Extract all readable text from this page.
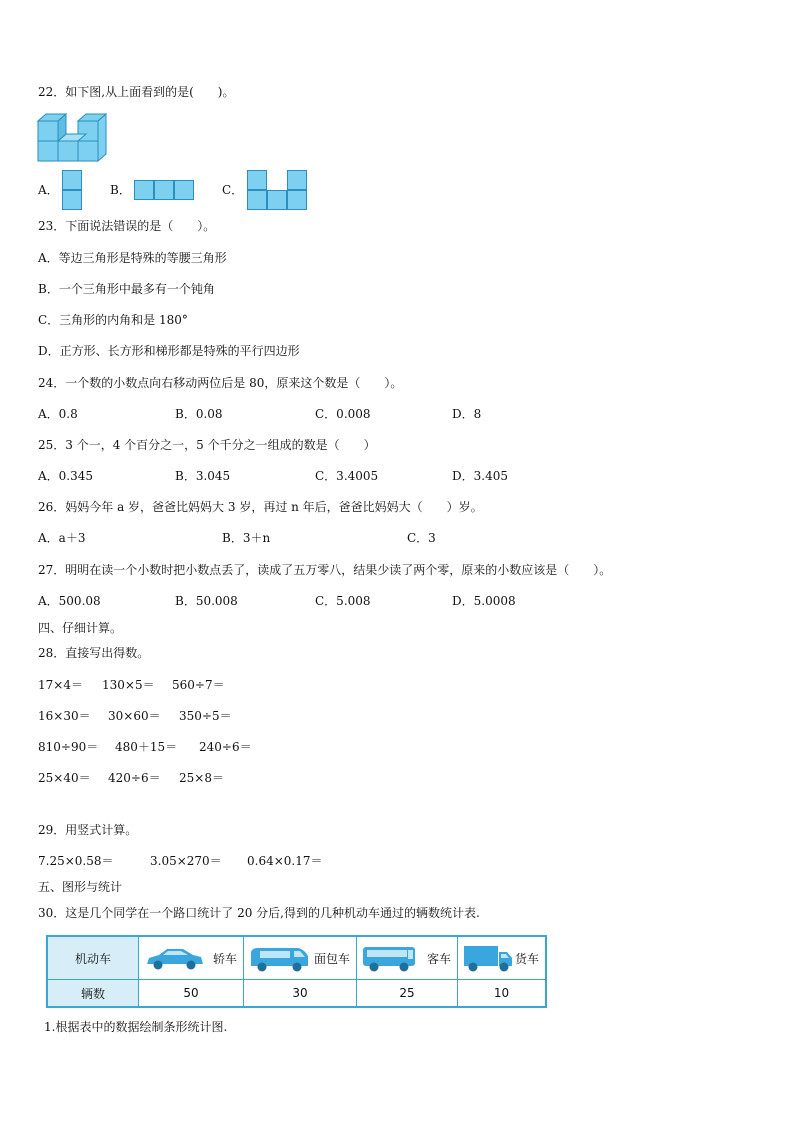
22．如下图,从上面看到的是(　　)。
A．	B．	C．
23．下面说法错误的是（　　）。
A．等边三角形是特殊的等腰三角形
B．一个三角形中最多有一个钝角
C．三角形的内角和是 180°
D．正方形、长方形和梯形都是特殊的平行四边形
24．一个数的小数点向右移动两位后是 80，原来这个数是（　　）。
A．0.8	B．0.08	C．0.008	D．8
25．3 个一，4 个百分之一，5 个千分之一组成的数是（　　）
A．0.345	B．3.045	C．3.4005	D．3.405
26．妈妈今年 a 岁，爸爸比妈妈大 3 岁，再过 n 年后，爸爸比妈妈大（　　）岁。
A．a＋3	B．3＋n	C．3
27．明明在读一个小数时把小数点丢了，读成了五万零八，结果少读了两个零，原来的小数应该是（　　）。
A．500.08	B．50.008	C．5.008	D．5.0008
四、仔细计算。
28．直接写出得数。
17×4＝ 130×5＝ 560÷7＝
16×30＝ 30×60＝ 350÷5＝
810÷90＝ 480＋15＝ 240÷6＝
25×40＝ 420÷6＝ 25×8＝
29．用竖式计算。
7.25×0.58＝	3.05×270＝ 0.64×0.17＝
五、图形与统计
30．这是几个同学在一个路口统计了 20 分后,得到的几种机动车通过的辆数统计表.
机动车	轿车	面包车	客车	货车

辆数	50	30	25	10
1.根据表中的数据绘制条形统计图.
